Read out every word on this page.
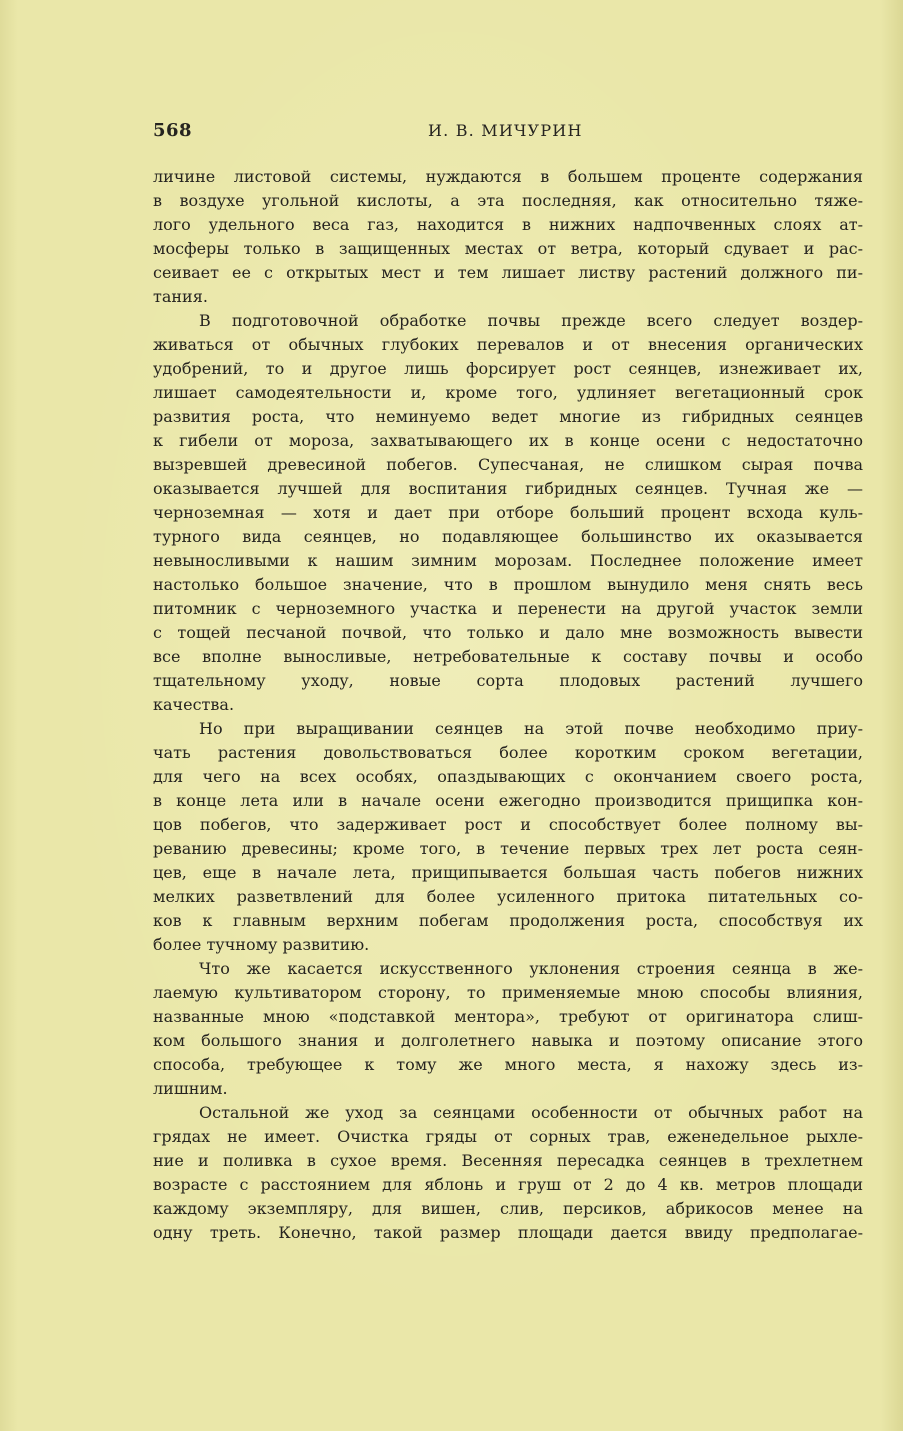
568	И. В. МИЧУРИН
личине листовой системы, нуждаются в большем проценте содержания
в воздухе угольной кислоты, а эта последняя, как относительно тяже-
лого удельного веса газ, находится в нижних надпочвенных слоях ат-
мосферы только в защищенных местах от ветра, который сдувает и рас-
сеивает ее с открытых мест и тем лишает листву растений должного пи-
тания.
В подготовочной обработке почвы прежде всего следует воздер-
живаться от обычных глубоких перевалов и от внесения органических
удобрений, то и другое лишь форсирует рост сеянцев, изнеживает их,
лишает самодеятельности и, кроме того, удлиняет вегетационный срок
развития роста, что неминуемо ведет многие из гибридных сеянцев
к гибели от мороза, захватывающего их в конце осени с недостаточно
вызревшей древесиной побегов. Супесчаная, не слишком сырая почва
оказывается лучшей для воспитания гибридных сеянцев. Тучная же —
черноземная — хотя и дает при отборе больший процент всхода куль-
турного вида сеянцев, но подавляющее большинство их оказывается
невыносливыми к нашим зимним морозам. Последнее положение имеет
настолько большое значение, что в прошлом вынудило меня снять весь
питомник с черноземного участка и перенести на другой участок земли
с тощей песчаной почвой, что только и дало мне возможность вывести
все вполне выносливые, нетребовательные к составу почвы и особо
тщательному уходу, новые сорта плодовых растений лучшего
качества.
Но при выращивании сеянцев на этой почве необходимо приу-
чать растения довольствоваться более коротким сроком вегетации,
для чего на всех особях, опаздывающих с окончанием своего роста,
в конце лета или в начале осени ежегодно производится прищипка кон-
цов побегов, что задерживает рост и способствует более полному вы-
реванию древесины; кроме того, в течение первых трех лет роста сеян-
цев, еще в начале лета, прищипывается большая часть побегов нижних
мелких разветвлений для более усиленного притока питательных со-
ков к главным верхним побегам продолжения роста, способствуя их
более тучному развитию.
Что же касается искусственного уклонения строения сеянца в же-
лаемую культиватором сторону, то применяемые мною способы влияния,
названные мною «подставкой ментора», требуют от оригинатора слиш-
ком большого знания и долголетнего навыка и поэтому описание этого
способа, требующее к тому же много места, я нахожу здесь из-
лишним.
Остальной же уход за сеянцами особенности от обычных работ на
грядах не имеет. Очистка гряды от сорных трав, еженедельное рыхле-
ние и поливка в сухое время. Весенняя пересадка сеянцев в трехлетнем
возрасте с расстоянием для яблонь и груш от 2 до 4 кв. метров площади
каждому экземпляру, для вишен, слив, персиков, абрикосов менее на
одну треть. Конечно, такой размер площади дается ввиду предполагае-
